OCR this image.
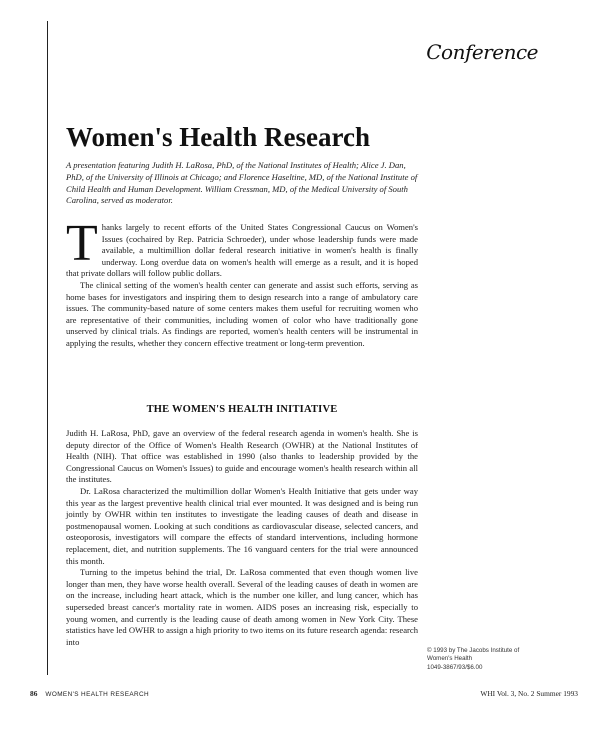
Conference
Women's Health Research

A presentation featuring Judith H. LaRosa, PhD, of the National Institutes of Health; Alice J. Dan, PhD, of the University of Illinois at Chicago; and Florence Haseltine, MD, of the National Institute of Child Health and Human Development. William Cressman, MD, of the Medical University of South Carolina, served as moderator.

Thanks largely to recent efforts of the United States Congressional Caucus on Women's Issues (cochaired by Rep. Patricia Schroeder), under whose leadership funds were made available, a multimillion dollar federal research initiative in women's health is finally underway. Long overdue data on women's health will emerge as a result, and it is hoped that private dollars will follow public dollars.

The clinical setting of the women's health center can generate and assist such efforts, serving as home bases for investigators and inspiring them to design research into a range of ambulatory care issues. The community-based nature of some centers makes them useful for recruiting women who are representative of their communities, including women of color who have traditionally gone unserved by clinical trials. As findings are reported, women's health centers will be instrumental in applying the results, whether they concern effective treatment or long-term prevention.

THE WOMEN'S HEALTH INITIATIVE

Judith H. LaRosa, PhD, gave an overview of the federal research agenda in women's health. She is deputy director of the Office of Women's Health Research (OWHR) at the National Institutes of Health (NIH). That office was established in 1990 (also thanks to leadership provided by the Congressional Caucus on Women's Issues) to guide and encourage women's health research within all the institutes.

Dr. LaRosa characterized the multimillion dollar Women's Health Initiative that gets under way this year as the largest preventive health clinical trial ever mounted. It was designed and is being run jointly by OWHR within ten institutes to investigate the leading causes of death and disease in postmenopausal women. Looking at such conditions as cardiovascular disease, selected cancers, and osteoporosis, investigators will compare the effects of standard interventions, including hormone replacement, diet, and nutrition supplements. The 16 vanguard centers for the trial were announced this month.

Turning to the impetus behind the trial, Dr. LaRosa commented that even though women live longer than men, they have worse health overall. Several of the leading causes of death in women are on the increase, including heart attack, which is the number one killer, and lung cancer, which has superseded breast cancer's mortality rate in women. AIDS poses an increasing risk, especially to young women, and currently is the leading cause of death among women in New York City. These statistics have led OWHR to assign a high priority to two items on its future research agenda: research into

© 1993 by The Jacobs Institute of
Women's Health
1049-3867/93/$6.00
86 WOMEN'S HEALTH RESEARCH	WHI Vol. 3, No. 2 Summer 1993
